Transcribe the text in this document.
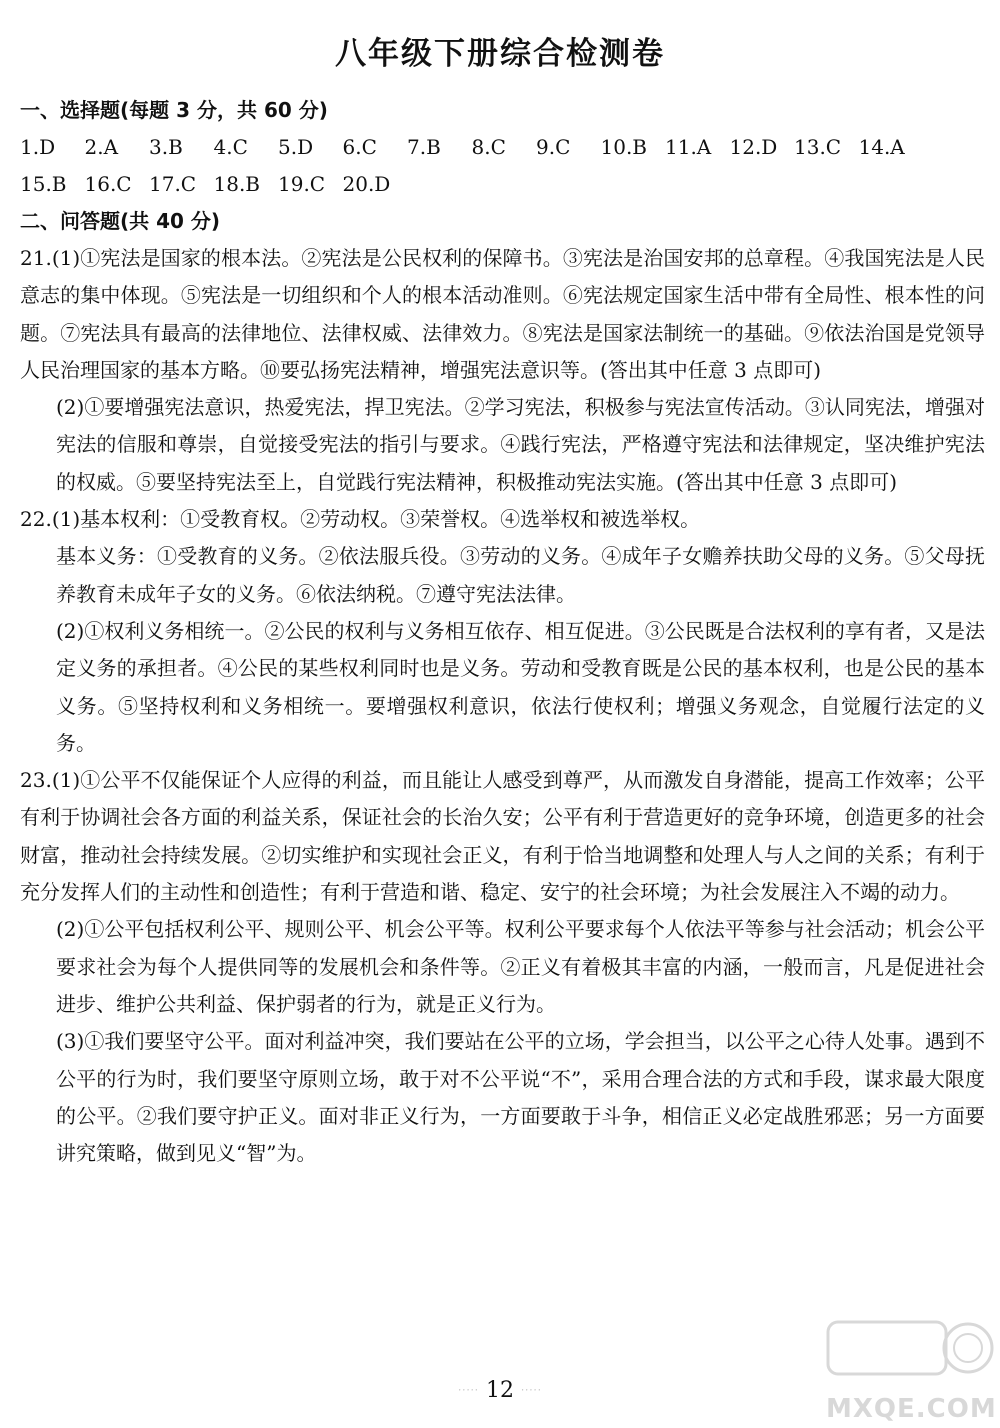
八年级下册综合检测卷
一、选择题(每题 3 分，共 60 分)
1.D 2.A 3.B 4.C 5.D 6.C 7.B 8.C 9.C 10.B 11.A 12.D 13.C 14.A
15.B 16.C 17.C 18.B 19.C 20.D
二、问答题(共 40 分)

21.(1)①宪法是国家的根本法。②宪法是公民权利的保障书。③宪法是治国安邦的总章程。④我国宪法是人民意志的集中体现。⑤宪法是一切组织和个人的根本活动准则。⑥宪法规定国家生活中带有全局性、根本性的问题。⑦宪法具有最高的法律地位、法律权威、法律效力。⑧宪法是国家法制统一的基础。⑨依法治国是党领导人民治理国家的基本方略。⑩要弘扬宪法精神，增强宪法意识等。(答出其中任意 3 点即可)

(2)①要增强宪法意识，热爱宪法，捍卫宪法。②学习宪法，积极参与宪法宣传活动。③认同宪法，增强对宪法的信服和尊崇，自觉接受宪法的指引与要求。④践行宪法，严格遵守宪法和法律规定，坚决维护宪法的权威。⑤要坚持宪法至上，自觉践行宪法精神，积极推动宪法实施。(答出其中任意 3 点即可)

22.(1)基本权利：①受教育权。②劳动权。③荣誉权。④选举权和被选举权。

基本义务：①受教育的义务。②依法服兵役。③劳动的义务。④成年子女赡养扶助父母的义务。⑤父母抚养教育未成年子女的义务。⑥依法纳税。⑦遵守宪法法律。

(2)①权利义务相统一。②公民的权利与义务相互依存、相互促进。③公民既是合法权利的享有者，又是法定义务的承担者。④公民的某些权利同时也是义务。劳动和受教育既是公民的基本权利，也是公民的基本义务。⑤坚持权利和义务相统一。要增强权利意识，依法行使权利；增强义务观念，自觉履行法定的义务。

23.(1)①公平不仅能保证个人应得的利益，而且能让人感受到尊严，从而激发自身潜能，提高工作效率；公平有利于协调社会各方面的利益关系，保证社会的长治久安；公平有利于营造更好的竞争环境，创造更多的社会财富，推动社会持续发展。②切实维护和实现社会正义，有利于恰当地调整和处理人与人之间的关系；有利于充分发挥人们的主动性和创造性；有利于营造和谐、稳定、安宁的社会环境；为社会发展注入不竭的动力。

(2)①公平包括权利公平、规则公平、机会公平等。权利公平要求每个人依法平等参与社会活动；机会公平要求社会为每个人提供同等的发展机会和条件等。②正义有着极其丰富的内涵，一般而言，凡是促进社会进步、维护公共利益、保护弱者的行为，就是正义行为。

(3)①我们要坚守公平。面对利益冲突，我们要站在公平的立场，学会担当，以公平之心待人处事。遇到不公平的行为时，我们要坚守原则立场，敢于对不公平说“不”，采用合理合法的方式和手段，谋求最大限度的公平。②我们要守护正义。面对非正义行为，一方面要敢于斗争，相信正义必定战胜邪恶；另一方面要讲究策略，做到见义“智”为。

····· 12 ·····
MXQE.COM
